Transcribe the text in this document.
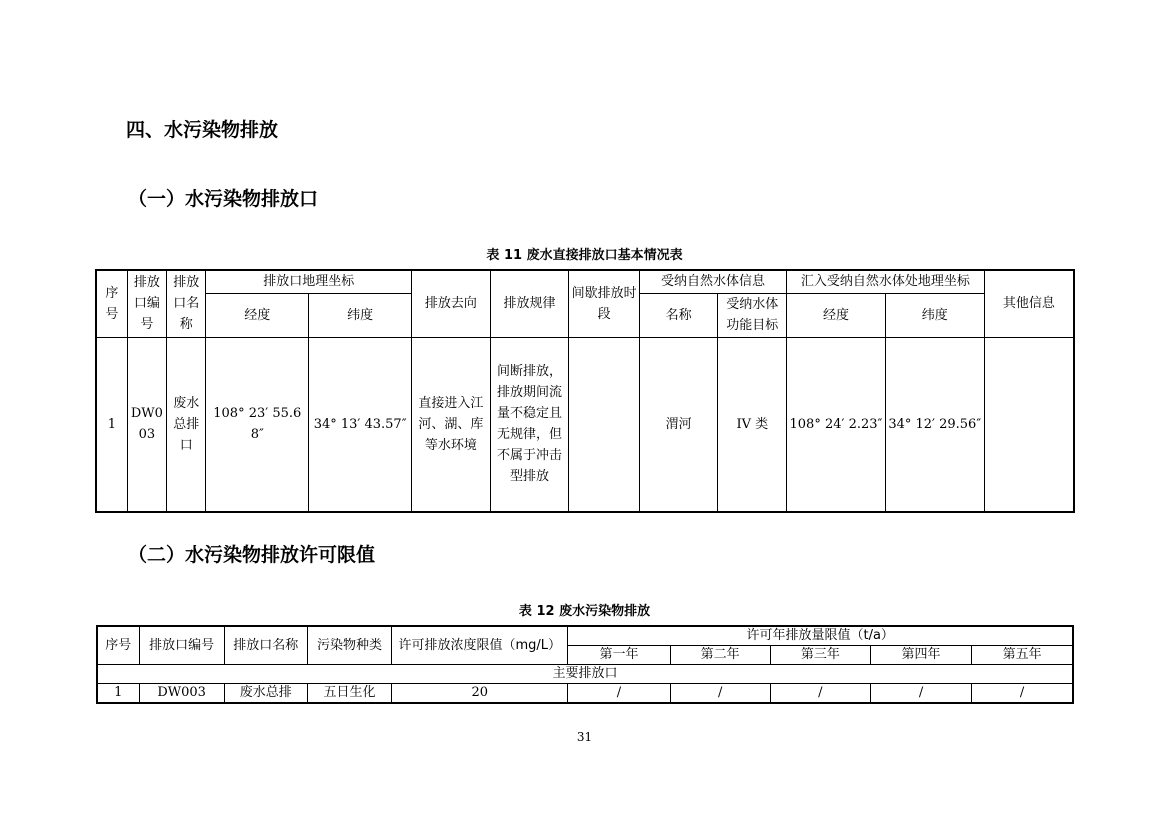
四、水污染物排放
（一）水污染物排放口
表 11 废水直接排放口基本情况表
序号	排放口编号	排放口名称	排放口地理坐标		排放去向	排放规律	间歇排放时段	受纳自然水体信息		汇入受纳自然水体处地理坐标		其他信息
			经度	纬度				名称	受纳水体功能目标	经度	纬度	
1	DW003	废水总排口	108° 23′ 55.68″	34° 13′ 43.57″	直接进入江河、湖、库等水环境	间断排放，排放期间流量不稳定且无规律，但不属于冲击型排放		渭河	IV 类	108° 24′ 2.23″	34° 12′ 29.56″	
（二）水污染物排放许可限值
表 12 废水污染物排放
序号	排放口编号	排放口名称	污染物种类	许可排放浓度限值（mg/L）	许可年排放量限值（t/a）				
					第一年	第二年	第三年	第四年	第五年
主要排放口									
1	DW003	废水总排	五日生化	20	/	/	/	/	/
31
